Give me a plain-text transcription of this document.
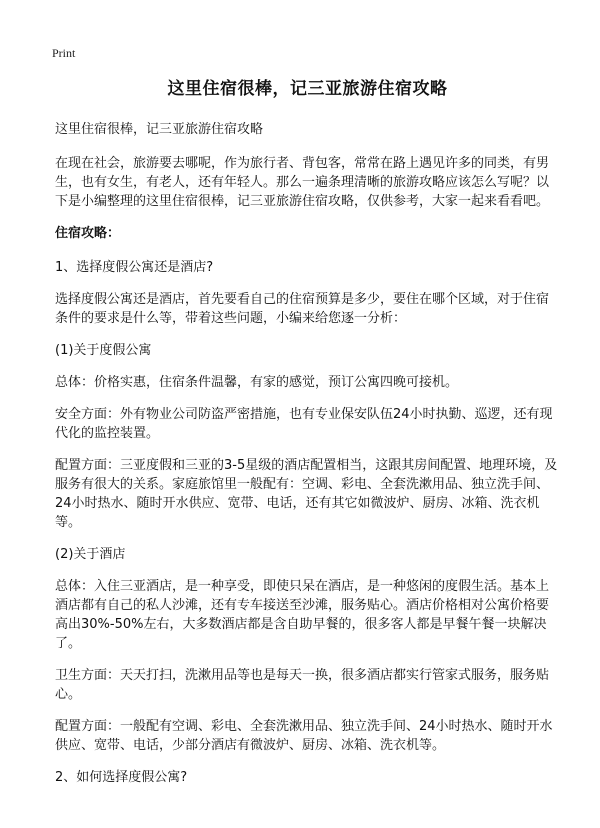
Print
这里住宿很棒，记三亚旅游住宿攻略

这里住宿很棒，记三亚旅游住宿攻略

在现在社会，旅游要去哪呢，作为旅行者、背包客，常常在路上遇见许多的同类，有男生，也有女生，有老人，还有年轻人。那么一遍条理清晰的旅游攻略应该怎么写呢？以下是小编整理的这里住宿很棒，记三亚旅游住宿攻略，仅供参考，大家一起来看看吧。

住宿攻略：

1、选择度假公寓还是酒店?

选择度假公寓还是酒店，首先要看自己的住宿预算是多少，要住在哪个区域，对于住宿条件的要求是什么等，带着这些问题，小编来给您逐一分析：

(1)关于度假公寓

总体：价格实惠，住宿条件温馨，有家的感觉，预订公寓四晚可接机。

安全方面：外有物业公司防盗严密措施，也有专业保安队伍24小时执勤、巡逻，还有现代化的监控装置。

配置方面：三亚度假和三亚的3-5星级的酒店配置相当，这跟其房间配置、地理环境，及服务有很大的关系。家庭旅馆里一般配有：空调、彩电、全套洗漱用品、独立洗手间、24小时热水、随时开水供应、宽带、电话，还有其它如微波炉、厨房、冰箱、洗衣机等。

(2)关于酒店

总体：入住三亚酒店，是一种享受，即使只呆在酒店，是一种悠闲的度假生活。基本上酒店都有自己的私人沙滩，还有专车接送至沙滩，服务贴心。酒店价格相对公寓价格要高出30%-50%左右，大多数酒店都是含自助早餐的，很多客人都是早餐午餐一块解决了。

卫生方面：天天打扫，洗漱用品等也是每天一换，很多酒店都实行管家式服务，服务贴心。

配置方面：一般配有空调、彩电、全套洗漱用品、独立洗手间、24小时热水、随时开水供应、宽带、电话，少部分酒店有微波炉、厨房、冰箱、洗衣机等。

2、如何选择度假公寓?
